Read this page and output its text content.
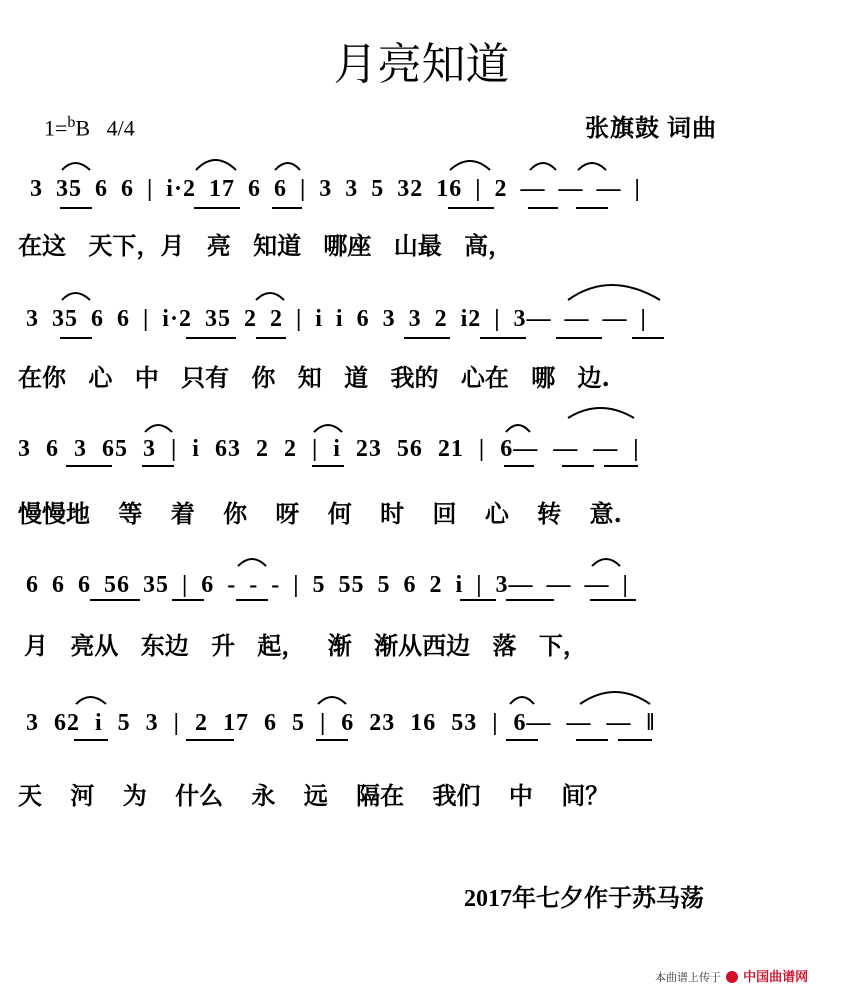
月亮知道
1=$^b$B 4/4	张旗鼓 词曲
3 35 6 6 | i·2 17 6 6 | 3 3 5 32 16 | 2 — — — |
在这 天下，月 亮 知道 哪座 山最 高，
3 35 6 6 | i·2 35 2 2 | i i 6 3 3 2 i2 | 3— — — |
在你 心 中 只有 你 知 道 我的 心在 哪 边.
3 6 3 65 3 | i 63 2 2 | i 23 56 21 | 6— — — |
慢慢地 等 着 你 呀 何 时 回 心 转 意.
6 6 6 56 35 | 6 - - - | 5 55 5 6 2 i | 3— — — |
月 亮从 东边 升 起， 渐 渐从西边 落 下，
3 62 i 5 3 | 2 17 6 5 | 6 23 16 53 | 6— — — ‖
天 河 为 什么 永 远 隔在 我们 中 间？
2017年七夕作于苏马荡
本曲谱上传于 中国曲谱网
